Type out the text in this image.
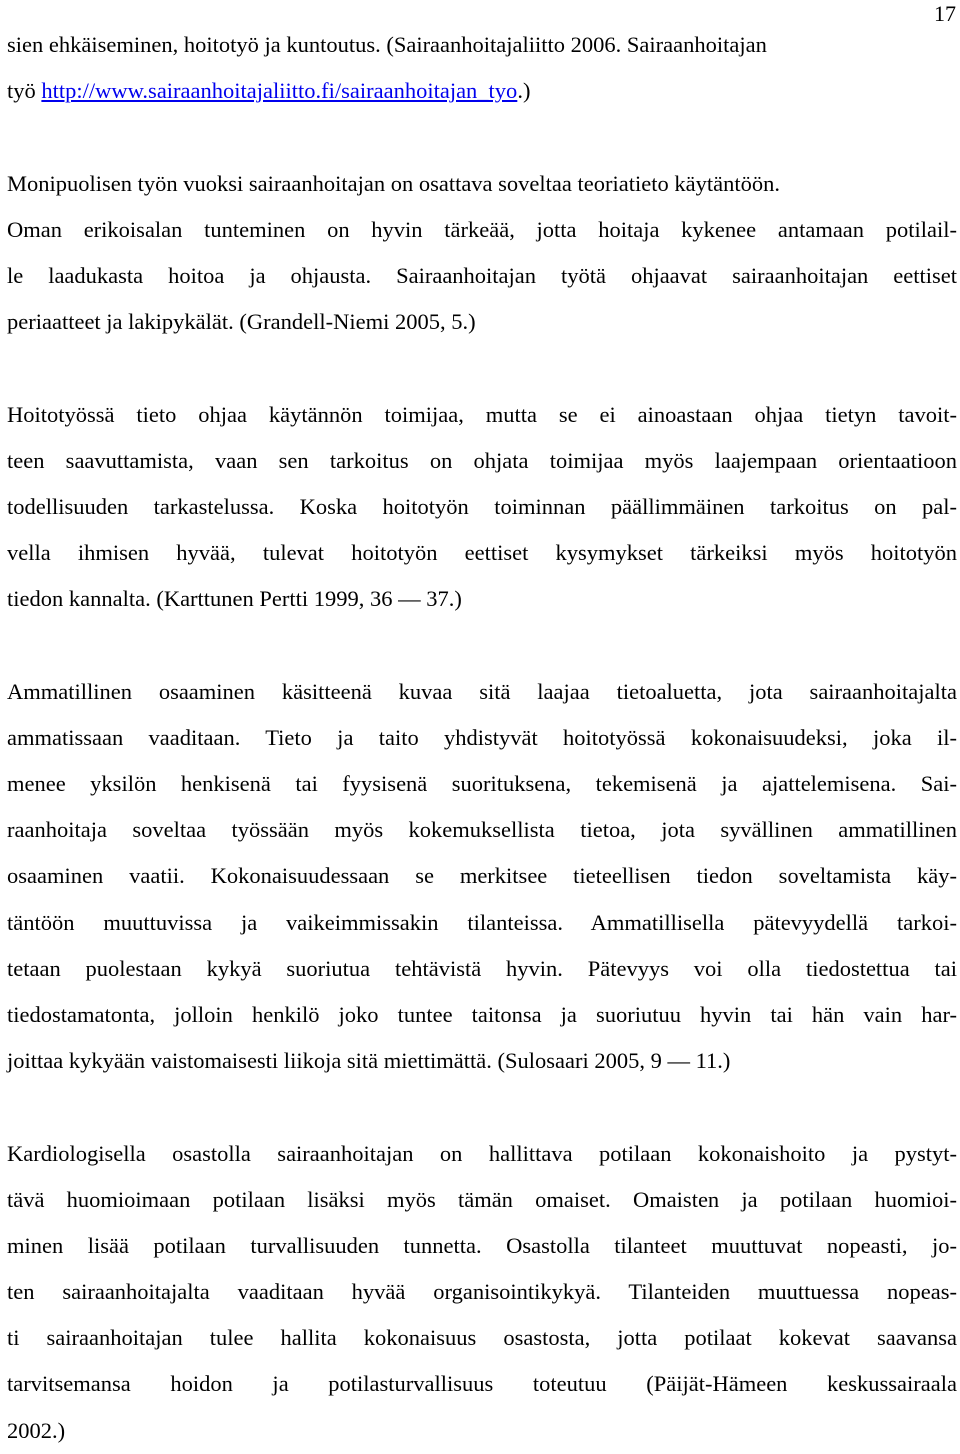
17
sien ehkäiseminen, hoitotyö ja kuntoutus. (Sairaanhoitajaliitto 2006. Sairaanhoitajan
työ http://www.sairaanhoitajaliitto.fi/sairaanhoitajan_tyo.)
Monipuolisen työn vuoksi sairaanhoitajan on osattava soveltaa teoriatieto käytäntöön.
Oman erikoisalan tunteminen on hyvin tärkeää, jotta hoitaja kykenee antamaan potilail-
le laadukasta hoitoa ja ohjausta. Sairaanhoitajan työtä ohjaavat sairaanhoitajan eettiset
periaatteet ja lakipykälät. (Grandell-Niemi 2005, 5.)
Hoitotyössä tieto ohjaa käytännön toimijaa, mutta se ei ainoastaan ohjaa tietyn tavoit-
teen saavuttamista, vaan sen tarkoitus on ohjata toimijaa myös laajempaan orientaatioon
todellisuuden tarkastelussa. Koska hoitotyön toiminnan päällimmäinen tarkoitus on pal-
vella ihmisen hyvää, tulevat hoitotyön eettiset kysymykset tärkeiksi myös hoitotyön
tiedon kannalta. (Karttunen Pertti 1999, 36 — 37.)
Ammatillinen osaaminen käsitteenä kuvaa sitä laajaa tietoaluetta, jota sairaanhoitajalta
ammatissaan vaaditaan. Tieto ja taito yhdistyvät hoitotyössä kokonaisuudeksi, joka il-
menee yksilön henkisenä tai fyysisenä suorituksena, tekemisenä ja ajattelemisena. Sai-
raanhoitaja soveltaa työssään myös kokemuksellista tietoa, jota syvällinen ammatillinen
osaaminen vaatii. Kokonaisuudessaan se merkitsee tieteellisen tiedon soveltamista käy-
täntöön muuttuvissa ja vaikeimmissakin tilanteissa. Ammatillisella pätevyydellä tarkoi-
tetaan puolestaan kykyä suoriutua tehtävistä hyvin. Pätevyys voi olla tiedostettua tai
tiedostamatonta, jolloin henkilö joko tuntee taitonsa ja suoriutuu hyvin tai hän vain har-
joittaa kykyään vaistomaisesti liikoja sitä miettimättä. (Sulosaari 2005, 9 — 11.)
Kardiologisella osastolla sairaanhoitajan on hallittava potilaan kokonaishoito ja pystyt-
tävä huomioimaan potilaan lisäksi myös tämän omaiset. Omaisten ja potilaan huomioi-
minen lisää potilaan turvallisuuden tunnetta. Osastolla tilanteet muuttuvat nopeasti, jo-
ten sairaanhoitajalta vaaditaan hyvää organisointikykyä. Tilanteiden muuttuessa nopeas-
ti sairaanhoitajan tulee hallita kokonaisuus osastosta, jotta potilaat kokevat saavansa
tarvitsemansa hoidon ja potilasturvallisuus toteutuu (Päijät-Hämeen keskussairaala
2002.)
